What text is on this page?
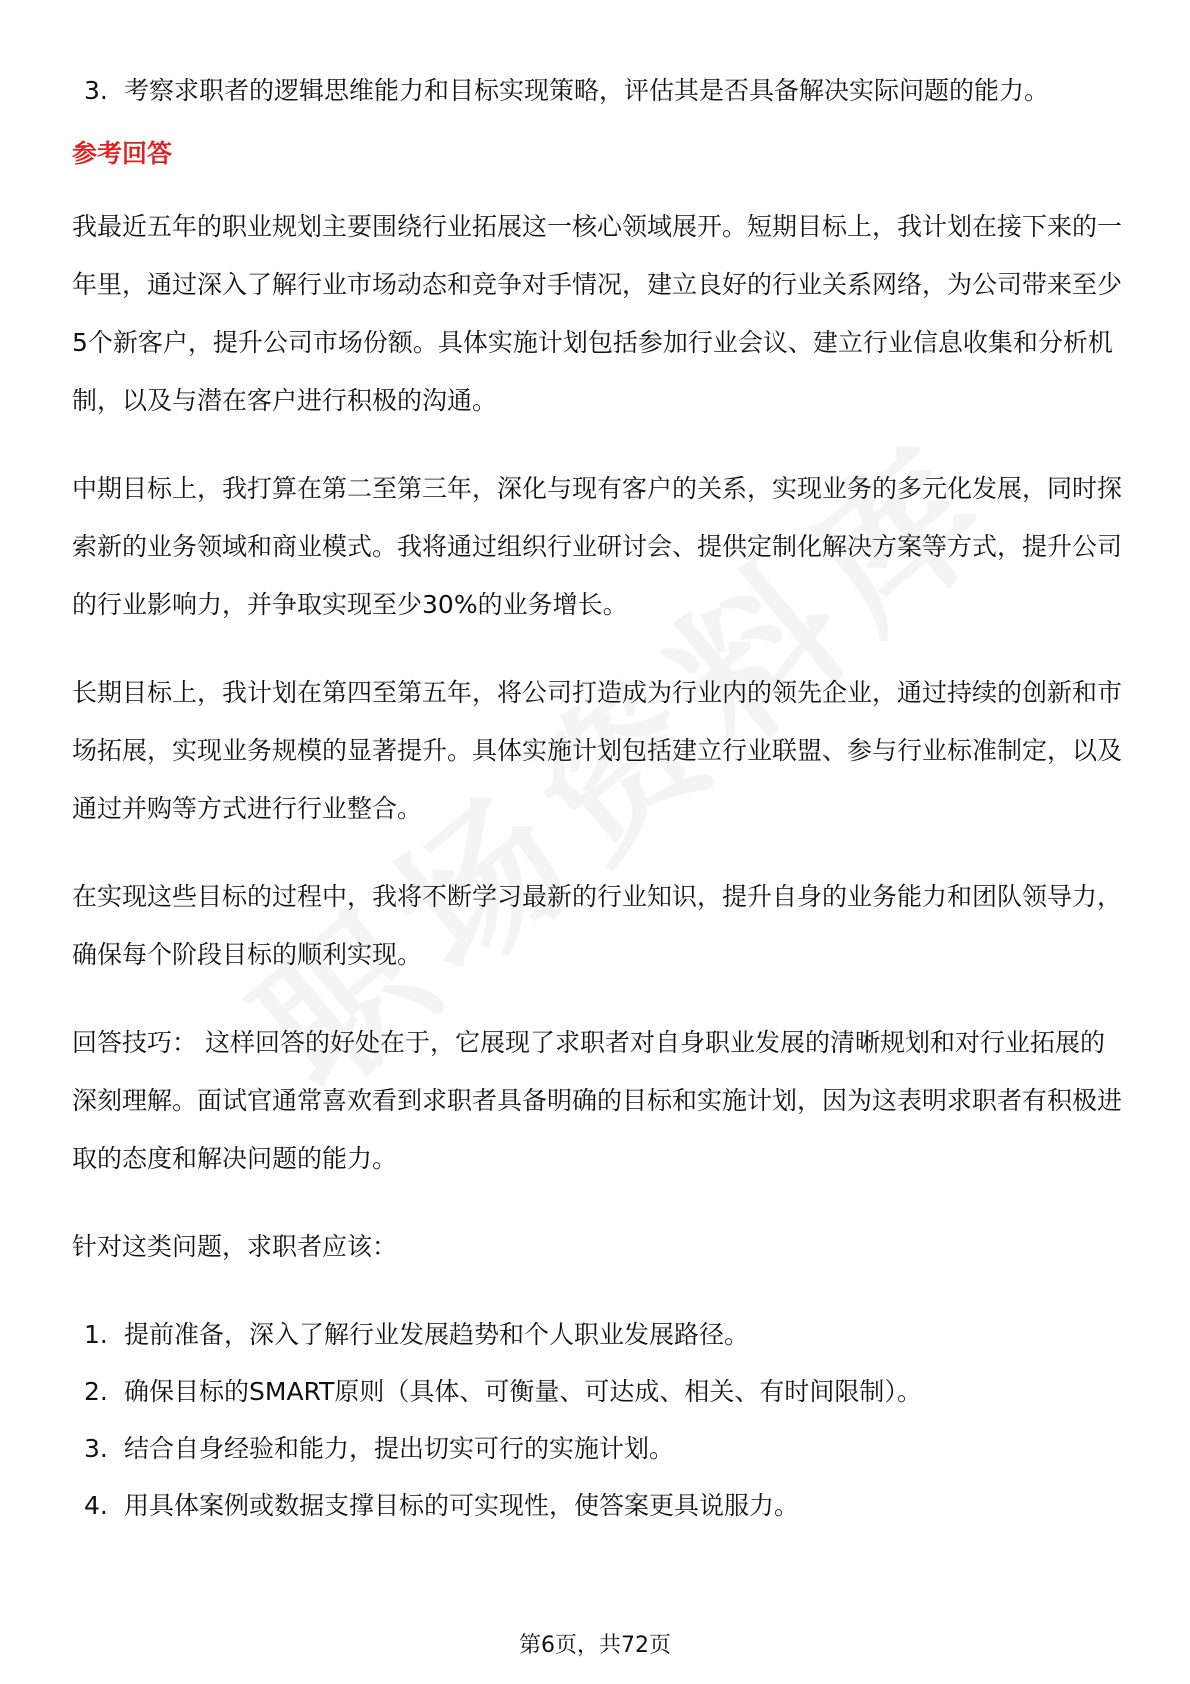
3. 考察求职者的逻辑思维能力和目标实现策略，评估其是否具备解决实际问题的能力。
参考回答

我最近五年的职业规划主要围绕行业拓展这一核心领域展开。短期目标上，我计划在接下来的一年里，通过深入了解行业市场动态和竞争对手情况，建立良好的行业关系网络，为公司带来至少5个新客户，提升公司市场份额。具体实施计划包括参加行业会议、建立行业信息收集和分析机制，以及与潜在客户进行积极的沟通。

中期目标上，我打算在第二至第三年，深化与现有客户的关系，实现业务的多元化发展，同时探索新的业务领域和商业模式。我将通过组织行业研讨会、提供定制化解决方案等方式，提升公司的行业影响力，并争取实现至少30%的业务增长。

长期目标上，我计划在第四至第五年，将公司打造成为行业内的领先企业，通过持续的创新和市场拓展，实现业务规模的显著提升。具体实施计划包括建立行业联盟、参与行业标准制定，以及通过并购等方式进行行业整合。

在实现这些目标的过程中，我将不断学习最新的行业知识，提升自身的业务能力和团队领导力，确保每个阶段目标的顺利实现。

回答技巧： 这样回答的好处在于，它展现了求职者对自身职业发展的清晰规划和对行业拓展的深刻理解。面试官通常喜欢看到求职者具备明确的目标和实施计划，因为这表明求职者有积极进取的态度和解决问题的能力。

针对这类问题，求职者应该：

1. 提前准备，深入了解行业发展趋势和个人职业发展路径。
2. 确保目标的SMART原则（具体、可衡量、可达成、相关、有时间限制）。
3. 结合自身经验和能力，提出切实可行的实施计划。
4. 用具体案例或数据支撑目标的可实现性，使答案更具说服力。
第6页，共72页
